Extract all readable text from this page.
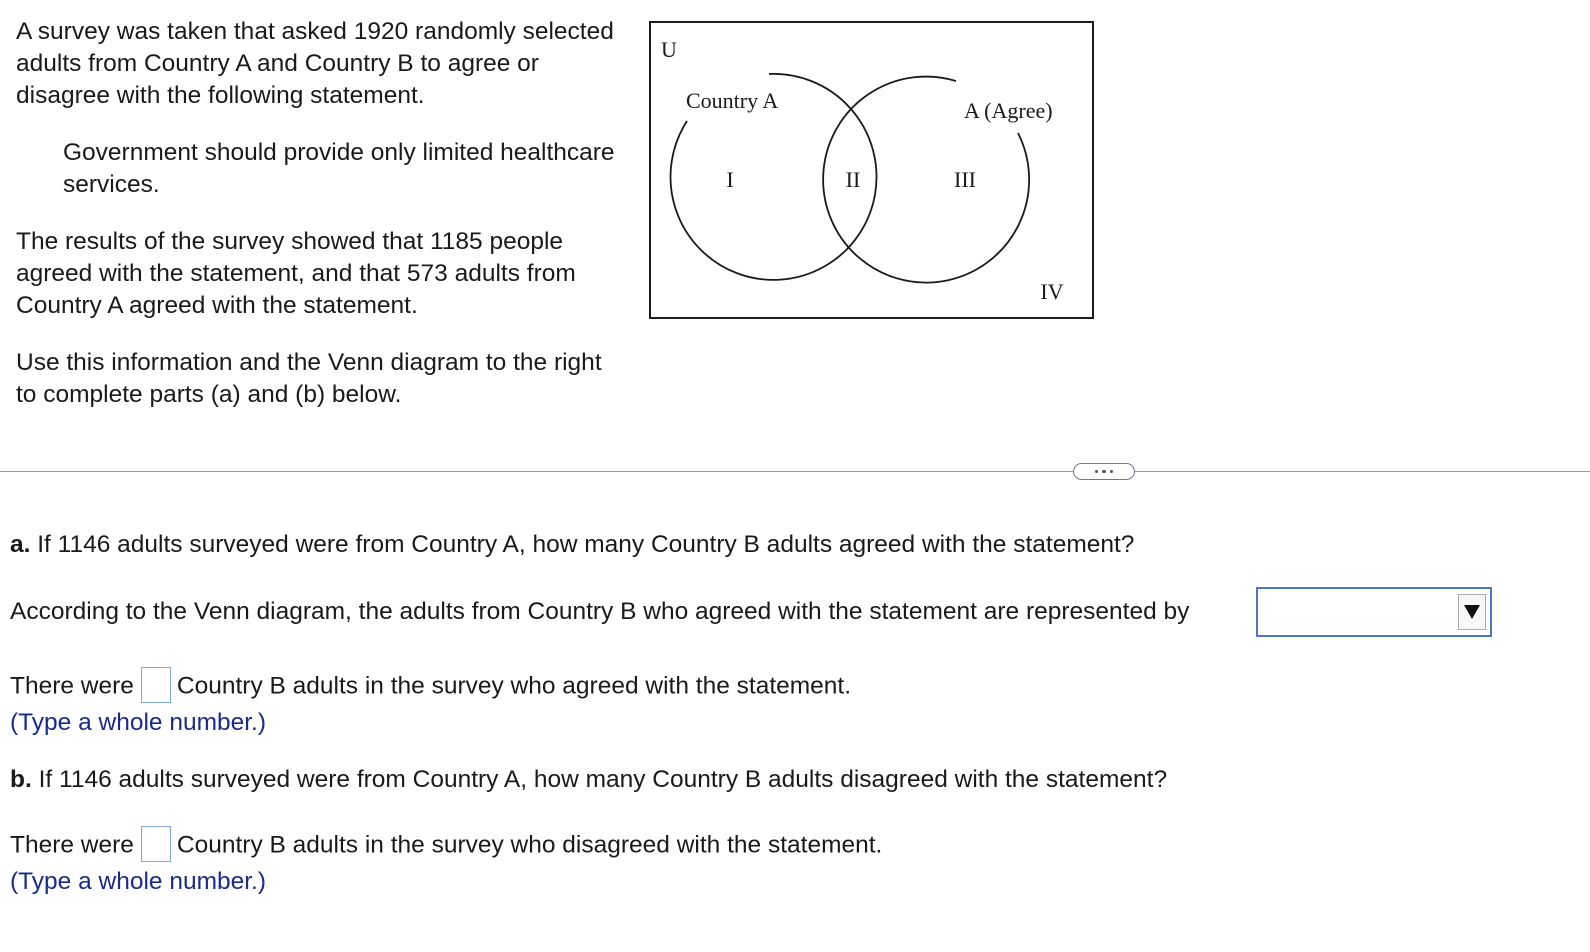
A survey was taken that asked 1920 randomly selected adults from Country A and Country B to agree or disagree with the following statement.

Government should provide only limited healthcare services.

The results of the survey showed that 1185 people agreed with the statement, and that 573 adults from Country A agreed with the statement.

Use this information and the Venn diagram to the right to complete parts (a) and (b) below.

U
Country A	A (Agree)
I	II	III
IV
a. If 1146 adults surveyed were from Country A, how many Country B adults agreed with the statement?
According to the Venn diagram, the adults from Country B who agreed with the statement are represented by
There were Country B adults in the survey who agreed with the statement.
(Type a whole number.)
b. If 1146 adults surveyed were from Country A, how many Country B adults disagreed with the statement?
There were Country B adults in the survey who disagreed with the statement.
(Type a whole number.)
